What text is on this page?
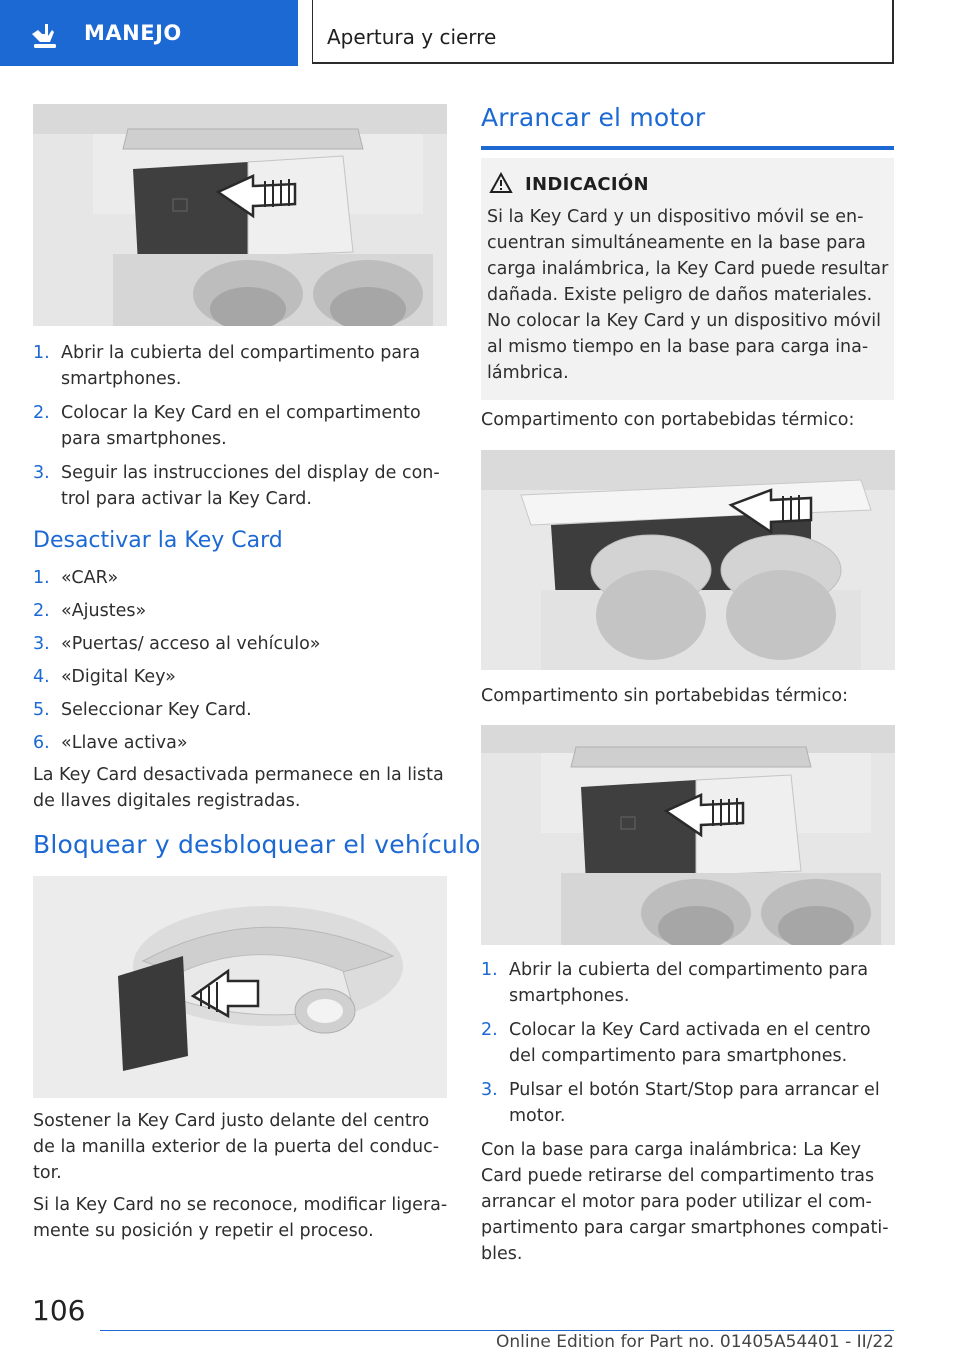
MANEJO	Apertura y cierre
1. Abrir la cubierta del compartimento para smartphones.
2. Colocar la Key Card en el compartimento para smartphones.
3. Seguir las instrucciones del display de con‐trol para activar la Key Card.
Desactivar la Key Card
1. «CAR»
2. «Ajustes»
3. «Puertas/ acceso al vehículo»
4. «Digital Key»
5. Seleccionar Key Card.
6. «Llave activa»

La Key Card desactivada permanece en la lista de llaves digitales registradas.

Bloquear y desbloquear el vehículo

Sostener la Key Card justo delante del centro de la manilla exterior de la puerta del conduc‐tor.

Si la Key Card no se reconoce, modificar ligera‐mente su posición y repetir el proceso.

Arrancar el motor
INDICACIÓN

Si la Key Card y un dispositivo móvil se en‐cuentran simultáneamente en la base para carga inalámbrica, la Key Card puede resultar dañada. Existe peligro de daños materiales. No colocar la Key Card y un dispositivo móvil al mismo tiempo en la base para carga ina‐lámbrica.

Compartimento con portabebidas térmico:

Compartimento sin portabebidas térmico:

1. Abrir la cubierta del compartimento para smartphones.
2. Colocar la Key Card activada en el centro del compartimento para smartphones.
3. Pulsar el botón Start/Stop para arrancar el motor.

Con la base para carga inalámbrica: La Key Card puede retirarse del compartimento tras arrancar el motor para poder utilizar el com‐partimento para cargar smartphones compati‐bles.

106
Online Edition for Part no. 01405A54401 - II/22
